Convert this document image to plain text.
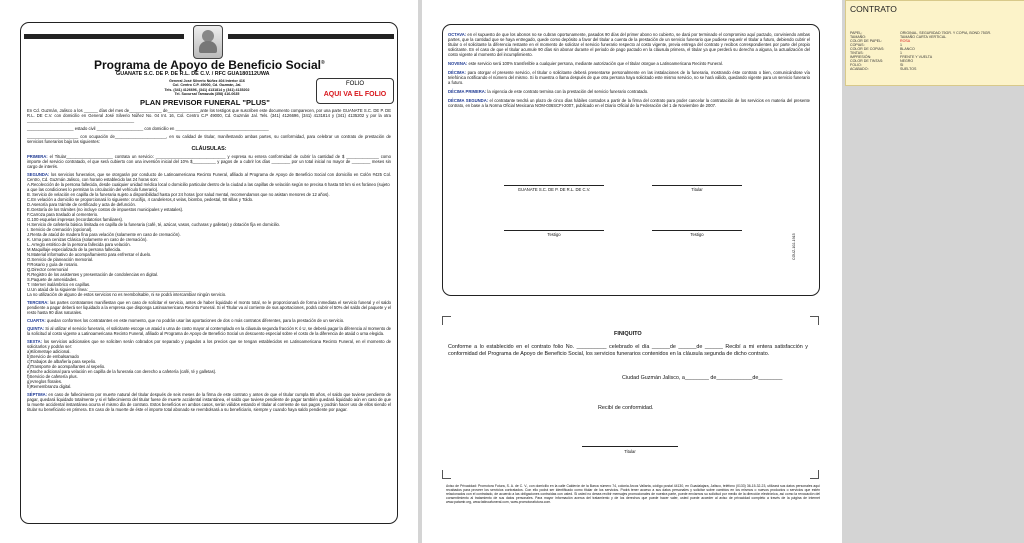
Programa de Apoyo de Beneficio Social®
GUANATE S.C. DE P. DE R.L. DE C.V. / RFC GUA180112UWA

General José Silverio Núñez 404 Interior 416

Col. Centro C.P. 49000, Cd. Guzmán, Jal.

Tels. (341) 4126696, (341) 4131814 y (341) 4135202

Tel. Sucursal Tamazula (358) 416-0635

FOLIO
AQUI VA EL FOLIO
PLAN PREVISOR FUNERAL "PLUS"

En Cd. Guzmán, Jalisco a los ______ días del mes de______________ de______________ante los testigos que suscriben este documento comparecen, por una parte GUANATE S.C. DE P. DE R.L. DE C.V. con domicilio en General José Silverio Núñez No. 04 Int. 16, Col. Centro C.P 49000, Cd. Guzmán Jal. Tels. (341) 4126696, (341) 4131814 y (341) 4135202 y por la otra ______________________________________________

____________________ estado civil ____________________ con domicilio en ________________________________________

______________________ con ocupación de______________________, en su calidad de titular, manifestando ambas partes, su conformidad, para celebrar un contrato de prestación de servicios funerarios bajo las siguientes:

CLÁUSULAS:

PRIMERA: el Titular____________________ contrata un servicio: ______________________________ y expresa su entera conformidad de cubrir la cantidad de $ ______________ como importe del servicio contratado, el que será cubierto con una inversión inicial del 10% $__________ y pagos de a cubrir los días ________ por un total inicial no mayor de ________ meses sin cargo de interés.

SEGUNDA: los servicios funerarios, que se otorgarán por conducto de Latinoamericana Recinto Funeral, afiliado al Programa de Apoyo de Beneficio Social con domicilio en Colón #425 Col. Centro, Cd. Guzmán Jalisco, con horario establecido las 24 horas son:

A.Recolección de la persona fallecida, desde cualquier unidad médica local o domicilio particular dentro de la ciudad a las capillas de velación según se precisa 6 hasta 50 km si es foráneo (sujeto a que las condiciones lo permitan la circulación del vehículo funerario).

B. Servicio de velación en capilla de la funeraria sujeto a disponibilidad hasta por 24 horas (por salud mental, recomendamos que no asistan menores de 12 años).

C.En velación a domicilio se proporcionará lo siguiente: crucifijo, 4 candeleros,4 velas, biombo, pedestal, 50 sillas y Toldo.

D.Asesoría para trámite de certificado y acta de defunción.

E.Gestoría de los trámites (no incluye costos de impuestos municipales y estatales).

F.Carroza para traslado al cementerio.

G.100 esquelas impresas (recordatorios familiares).

H.Servicio de cafetería básica limitada en capilla de la funeraria (café, té, azúcar, vasos, cucharas y galletas) y dotación fija en domicilio.

I. Servicio de cremación (opcional).

J.Renta de ataúd de madera fina para velación (solamente en caso de cremación).

K. Urna para cenizas Clásica (solamente en caso de cremación).

L. Arreglo estético de la persona fallecida para velación.

M.Maquillaje especializado de la persona fallecida.

N.Material informativo de acompañamiento para enfrentar el duelo.

O.Servicio de planeación memorial.

P.Rosario y guía de rosario.

Q.Director ceremonial

R.Registro de los asistentes y presentación de condolencias en digital.

S.Paquete de amenidades.

T. Internet inalámbrico en capillas.

U.Un ataúd de la siguiente línea: ____________________________________________

La no utilización de alguno de estos servicios no es reembolsable, ni se podrá intercambiar ningún servicio.

TERCERA: las partes contratantes manifiestan que en caso de solicitar el servicio, antes de haber liquidado el monto total, se le proporcionará de forma inmediata el servicio funeral y el saldo pendiente a pagar deberá ser liquidado a la empresa que disponga Latinoamericana Recinto Funeral. Si el Titular va al corriente de sus aportaciones, podrá cubrir el 50% del saldo del paquete y el resto hasta 90 días naturales.

CUARTA: quedan conformes los contratantes en este momento, que no podrán usar las aportaciones de dos o más contratos diferentes, para la prestación de un servicio.

QUINTA: Si al utilizar el servicio funerario, el solicitante escoge un ataúd o urna de costo mayor al contemplado en la cláusula segunda fracción K ó U, se deberá pagar la diferencia al momento de la solicitud al costo vigente a Latinoamericana Recinto Funeral, afiliado al Programa de Apoyo de Beneficio Social un descuento especial sobre el costo de la diferencia de ataúd o urna elegida.

SEXTA: los servicios adicionales que se soliciten serán cobrados por separado y pagados a los precios que se tengan establecidos en Latinoamericana Recinto Funeral, en el momento de solicitarlos y podrán ser:

a)Kilometraje adicional.

b)Servicio de embalsamado

c)Trabajos de albañería para sepelio.

d)Transporte de acompañantes al sepelio.

e)Noche adicional para velación en capilla de la funeraria con derecho a cafetería (café, té y galletas).

f)Servicio de cafetería plus.

g)Arreglos florales.

h)Remembranza digital.

SÉPTIMA: en caso de fallecimiento por muerte natural del titular después de seis meses de la firma de este contrato y antes de que el titular cumpla 65 años, el saldo que tuviese pendiente de pagar, quedará liquidado totalmente y si el fallecimiento del titular fuese de muerte accidental instantánea, el saldo que tuviese pendiente de pagar también quedará liquidado aún en caso de que la muerte accidental instantánea ocurra el mismo día de contrato. Estos beneficios en ambos casos, serán válidos estando el titular al corriente de sus pagos y podrán hacer uso de ellos siendo el titular su beneficiario en primera. En caso de la muerte de éste el importe total abonado se reembolsará a su beneficiario, siempre y cuando haya saldo pendiente por pagar.

OCTAVA: en el supuesto de que los abonos no se cubran oportunamente, pasados 90 días del primer abono no cubierto, se dará por terminado el compromiso aquí pactado, conviniendo ambas partes, que la cantidad que se haya entregado, quede como depósito a favor del titular a cuenta de la prestación de un servicio funerario que pudiese requerir el titular a futuro, debiendo cubrir el titular o el solicitante la diferencia restante en el momento de solicitar el servicio funerario respecto al costo vigente, previa entrega del contrato y recibos correspondientes por parte del propio solicitante. En el caso de que el titular acumule 90 días sin abonar durante el periodo de pago pactado en la cláusula primera, el titular ya que perderá su derecho a alguna, la actualización del costo vigente al momento del incumplimiento.

NOVENA: este servicio será 100% transferible a cualquier persona, mediante autorización que el titular otorgue a Latinoamericana Recinto Funeral.

DÉCIMA: para otorgar el presente servicio, el titular o solicitante deberá presentarse personalmente en las instalaciones de la funeraria, mostrando éste contrato o bien, comunicándose vía telefónica notificando el número del mismo. Si lo muestra o llama después de que otra persona haya solicitado este mismo servicio, no se hará válido, quedando vigente para un servicio funerario a futuro.

DÉCIMA PRIMERA: la vigencia de este contrato termina con la prestación del servicio funerario contratado.

DÉCIMA SEGUNDA: el contratante tendrá un plazo de cinco días hábiles contados a partir de la firma del contrato para poder cancelar la contratación de los servicios en materia del presente contrato, en base a la Norma Oficial Mexicana NOM-036SCFI-2007, publicado en el Diario Oficial de la Federación del 1 de Noviembre de 2007.

GUANATE S.C. DE P. DE R.L. DE C.V.	Titular
Testigo	Testigo	CGUZ-102-1915
FINIQUITO

Conforme a lo establecido en el contrato folio No. __________ celebrado el día ______de ______de ______ Recibí a mi entera satisfacción y conformidad del Programa de Apoyo de Beneficio Social, los servicios funerarios contenidos en la cláusula segunda de dicho contrato.

Ciudad Guzmán Jalisco, a________ de____________de________
Recibí de conformidad.
Titular

Aviso de Privacidad: Promotora Futura, S. A. de C. V., con domicilio en la calle Calderón de la Barca número 74, colonia Arcos Vallarta, código postal 44130, en Guadalajara, Jalisco, teléfono (0133) 36-15-32-23, utilizará sus datos personales aquí recabados para proveer los servicios contratados. Con ello podrá ser identificado como titular de los servicios. Podrá tener acceso a sus datos personales y solicitar sobre cambios en los mismos o nuevos productos o servicios que estén relacionados con el contratado, de acuerdo a las obligaciones contraídas con usted. Si usted no desea recibir mensajes promocionales de nuestra parte, puede enviarnos su solicitud por medio de la dirección electrónica, así como la revocación del consentimiento al tratamiento de sus datos personales. Para mayor información acerca del tratamiento y de los derechos que puede hacer valer, usted puede acceder al aviso de privacidad completo a través de la página de internet www.patamir.org, www.latinoafuneral.com, www.promotorafutura.com.

CONTRATO
PAPEL:	ORIGINAL, SEGURIDAD 75GR. Y COPIA, BOND 75GR.
TAMAÑO:	TAMAÑO CARTA VERTICAL
COLOR DE PAPEL:	ROSA
COPIAS:	1
COLOR DE COPIAS:	BLANCO
TINTAS:	1
IMPRESIÓN:	FRENTE Y VUELTA
COLOR DE TINTAS:	NEGRO
FOLIO:	SI
ACABADO:	SUELTOS
